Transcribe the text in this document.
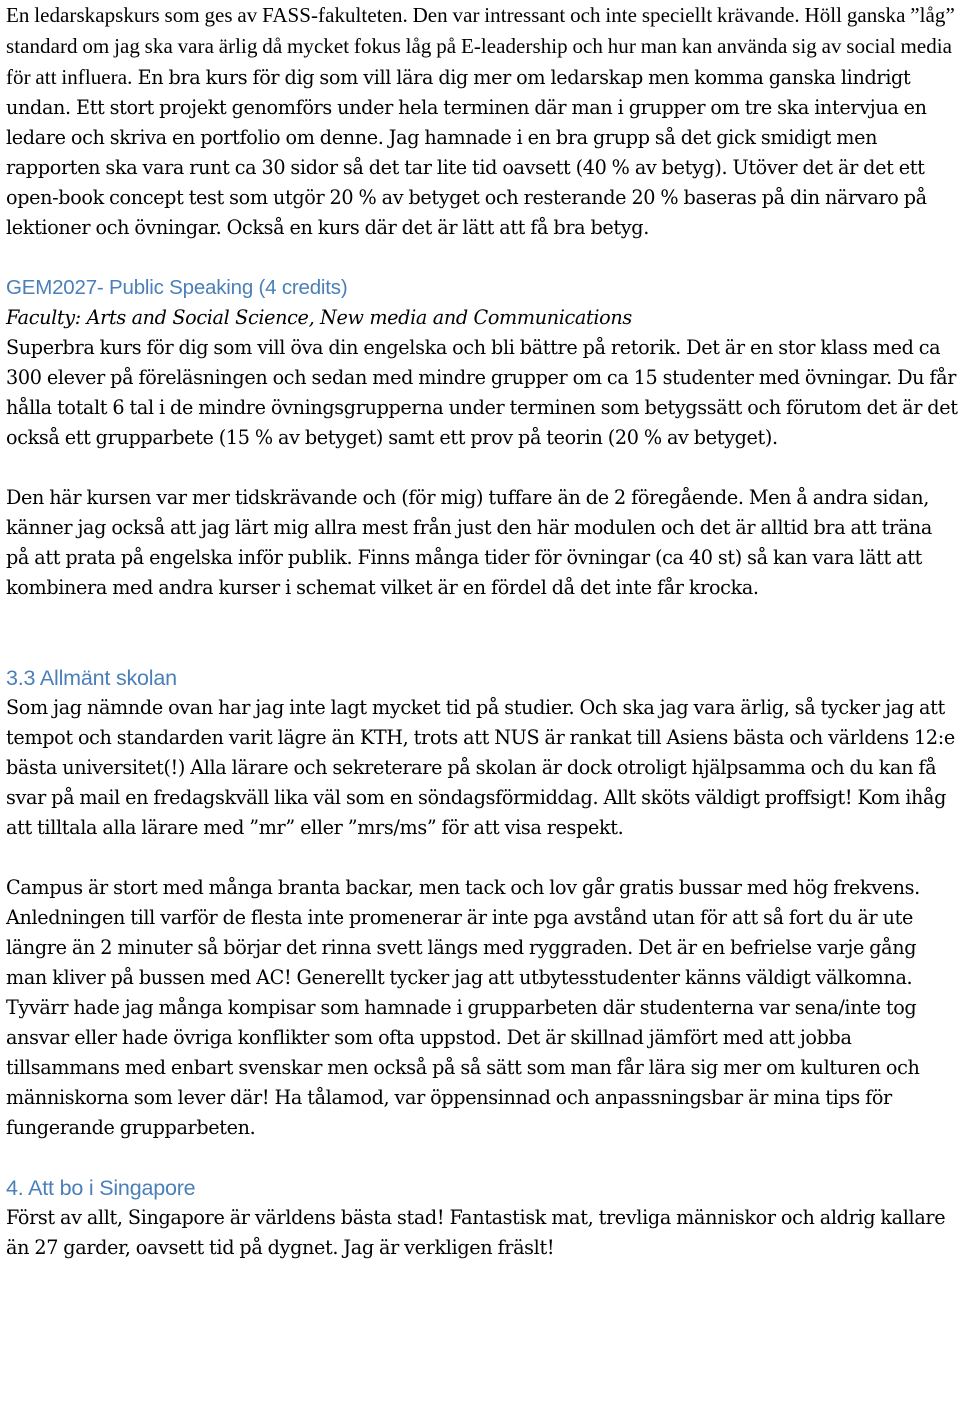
En ledarskapskurs som ges av FASS-fakulteten. Den var intressant och inte speciellt krävande. Höll ganska ”låg” standard om jag ska vara ärlig då mycket fokus låg på E-leadership och hur man kan använda sig av social media för att influera. En bra kurs för dig som vill lära dig mer om ledarskap men komma ganska lindrigt undan. Ett stort projekt genomförs under hela terminen där man i grupper om tre ska intervjua en ledare och skriva en portfolio om denne. Jag hamnade i en bra grupp så det gick smidigt men rapporten ska vara runt ca 30 sidor så det tar lite tid oavsett (40 % av betyg). Utöver det är det ett open-book concept test som utgör 20 % av betyget och resterande 20 % baseras på din närvaro på lektioner och övningar. Också en kurs där det är lätt att få bra betyg.

GEM2027- Public Speaking (4 credits)

Faculty: Arts and Social Science, New media and Communications

Superbra kurs för dig som vill öva din engelska och bli bättre på retorik. Det är en stor klass med ca 300 elever på föreläsningen och sedan med mindre grupper om ca 15 studenter med övningar. Du får hålla totalt 6 tal i de mindre övningsgrupperna under terminen som betygssätt och förutom det är det också ett grupparbete (15 % av betyget) samt ett prov på teorin (20 % av betyget).

Den här kursen var mer tidskrävande och (för mig) tuffare än de 2 föregående. Men å andra sidan, känner jag också att jag lärt mig allra mest från just den här modulen och det är alltid bra att träna på att prata på engelska inför publik. Finns många tider för övningar (ca 40 st) så kan vara lätt att kombinera med andra kurser i schemat vilket är en fördel då det inte får krocka.

3.3 Allmänt skolan

Som jag nämnde ovan har jag inte lagt mycket tid på studier. Och ska jag vara ärlig, så tycker jag att tempot och standarden varit lägre än KTH, trots att NUS är rankat till Asiens bästa och världens 12:e bästa universitet(!) Alla lärare och sekreterare på skolan är dock otroligt hjälpsamma och du kan få svar på mail en fredagskväll lika väl som en söndagsförmiddag. Allt sköts väldigt proffsigt! Kom ihåg att tilltala alla lärare med ”mr” eller ”mrs/ms” för att visa respekt.

Campus är stort med många branta backar, men tack och lov går gratis bussar med hög frekvens. Anledningen till varför de flesta inte promenerar är inte pga avstånd utan för att så fort du är ute längre än 2 minuter så börjar det rinna svett längs med ryggraden. Det är en befrielse varje gång man kliver på bussen med AC! Generellt tycker jag att utbytesstudenter känns väldigt välkomna. Tyvärr hade jag många kompisar som hamnade i grupparbeten där studenterna var sena/inte tog ansvar eller hade övriga konflikter som ofta uppstod. Det är skillnad jämfört med att jobba tillsammans med enbart svenskar men också på så sätt som man får lära sig mer om kulturen och människorna som lever där! Ha tålamod, var öppensinnad och anpassningsbar är mina tips för fungerande grupparbeten.

4. Att bo i Singapore

Först av allt, Singapore är världens bästa stad! Fantastisk mat, trevliga människor och aldrig kallare än 27 garder, oavsett tid på dygnet. Jag är verkligen fräslt!
